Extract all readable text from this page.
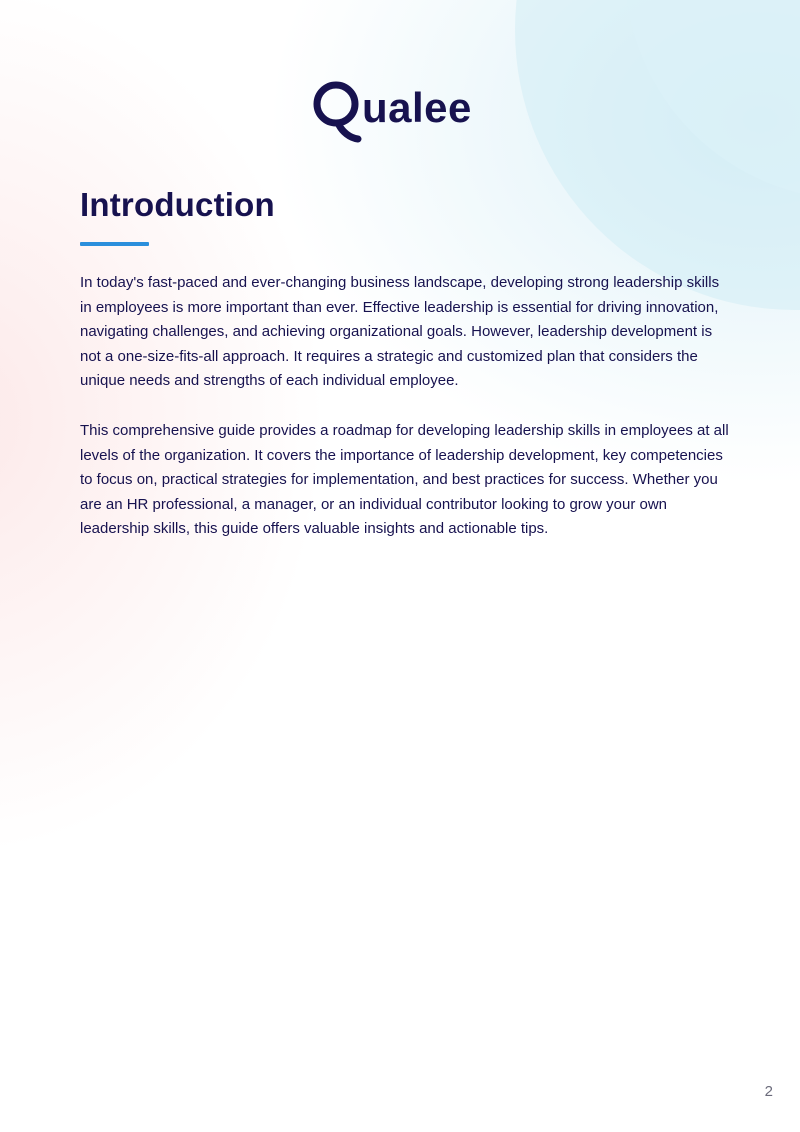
ualee
Introduction

In today's fast-paced and ever-changing business landscape, developing strong leadership skills in employees is more important than ever. Effective leadership is essential for driving innovation, navigating challenges, and achieving organizational goals. However, leadership development is not a one-size-fits-all approach. It requires a strategic and customized plan that considers the unique needs and strengths of each individual employee.

This comprehensive guide provides a roadmap for developing leadership skills in employees at all levels of the organization. It covers the importance of leadership development, key competencies to focus on, practical strategies for implementation, and best practices for success. Whether you are an HR professional, a manager, or an individual contributor looking to grow your own leadership skills, this guide offers valuable insights and actionable tips.

2
